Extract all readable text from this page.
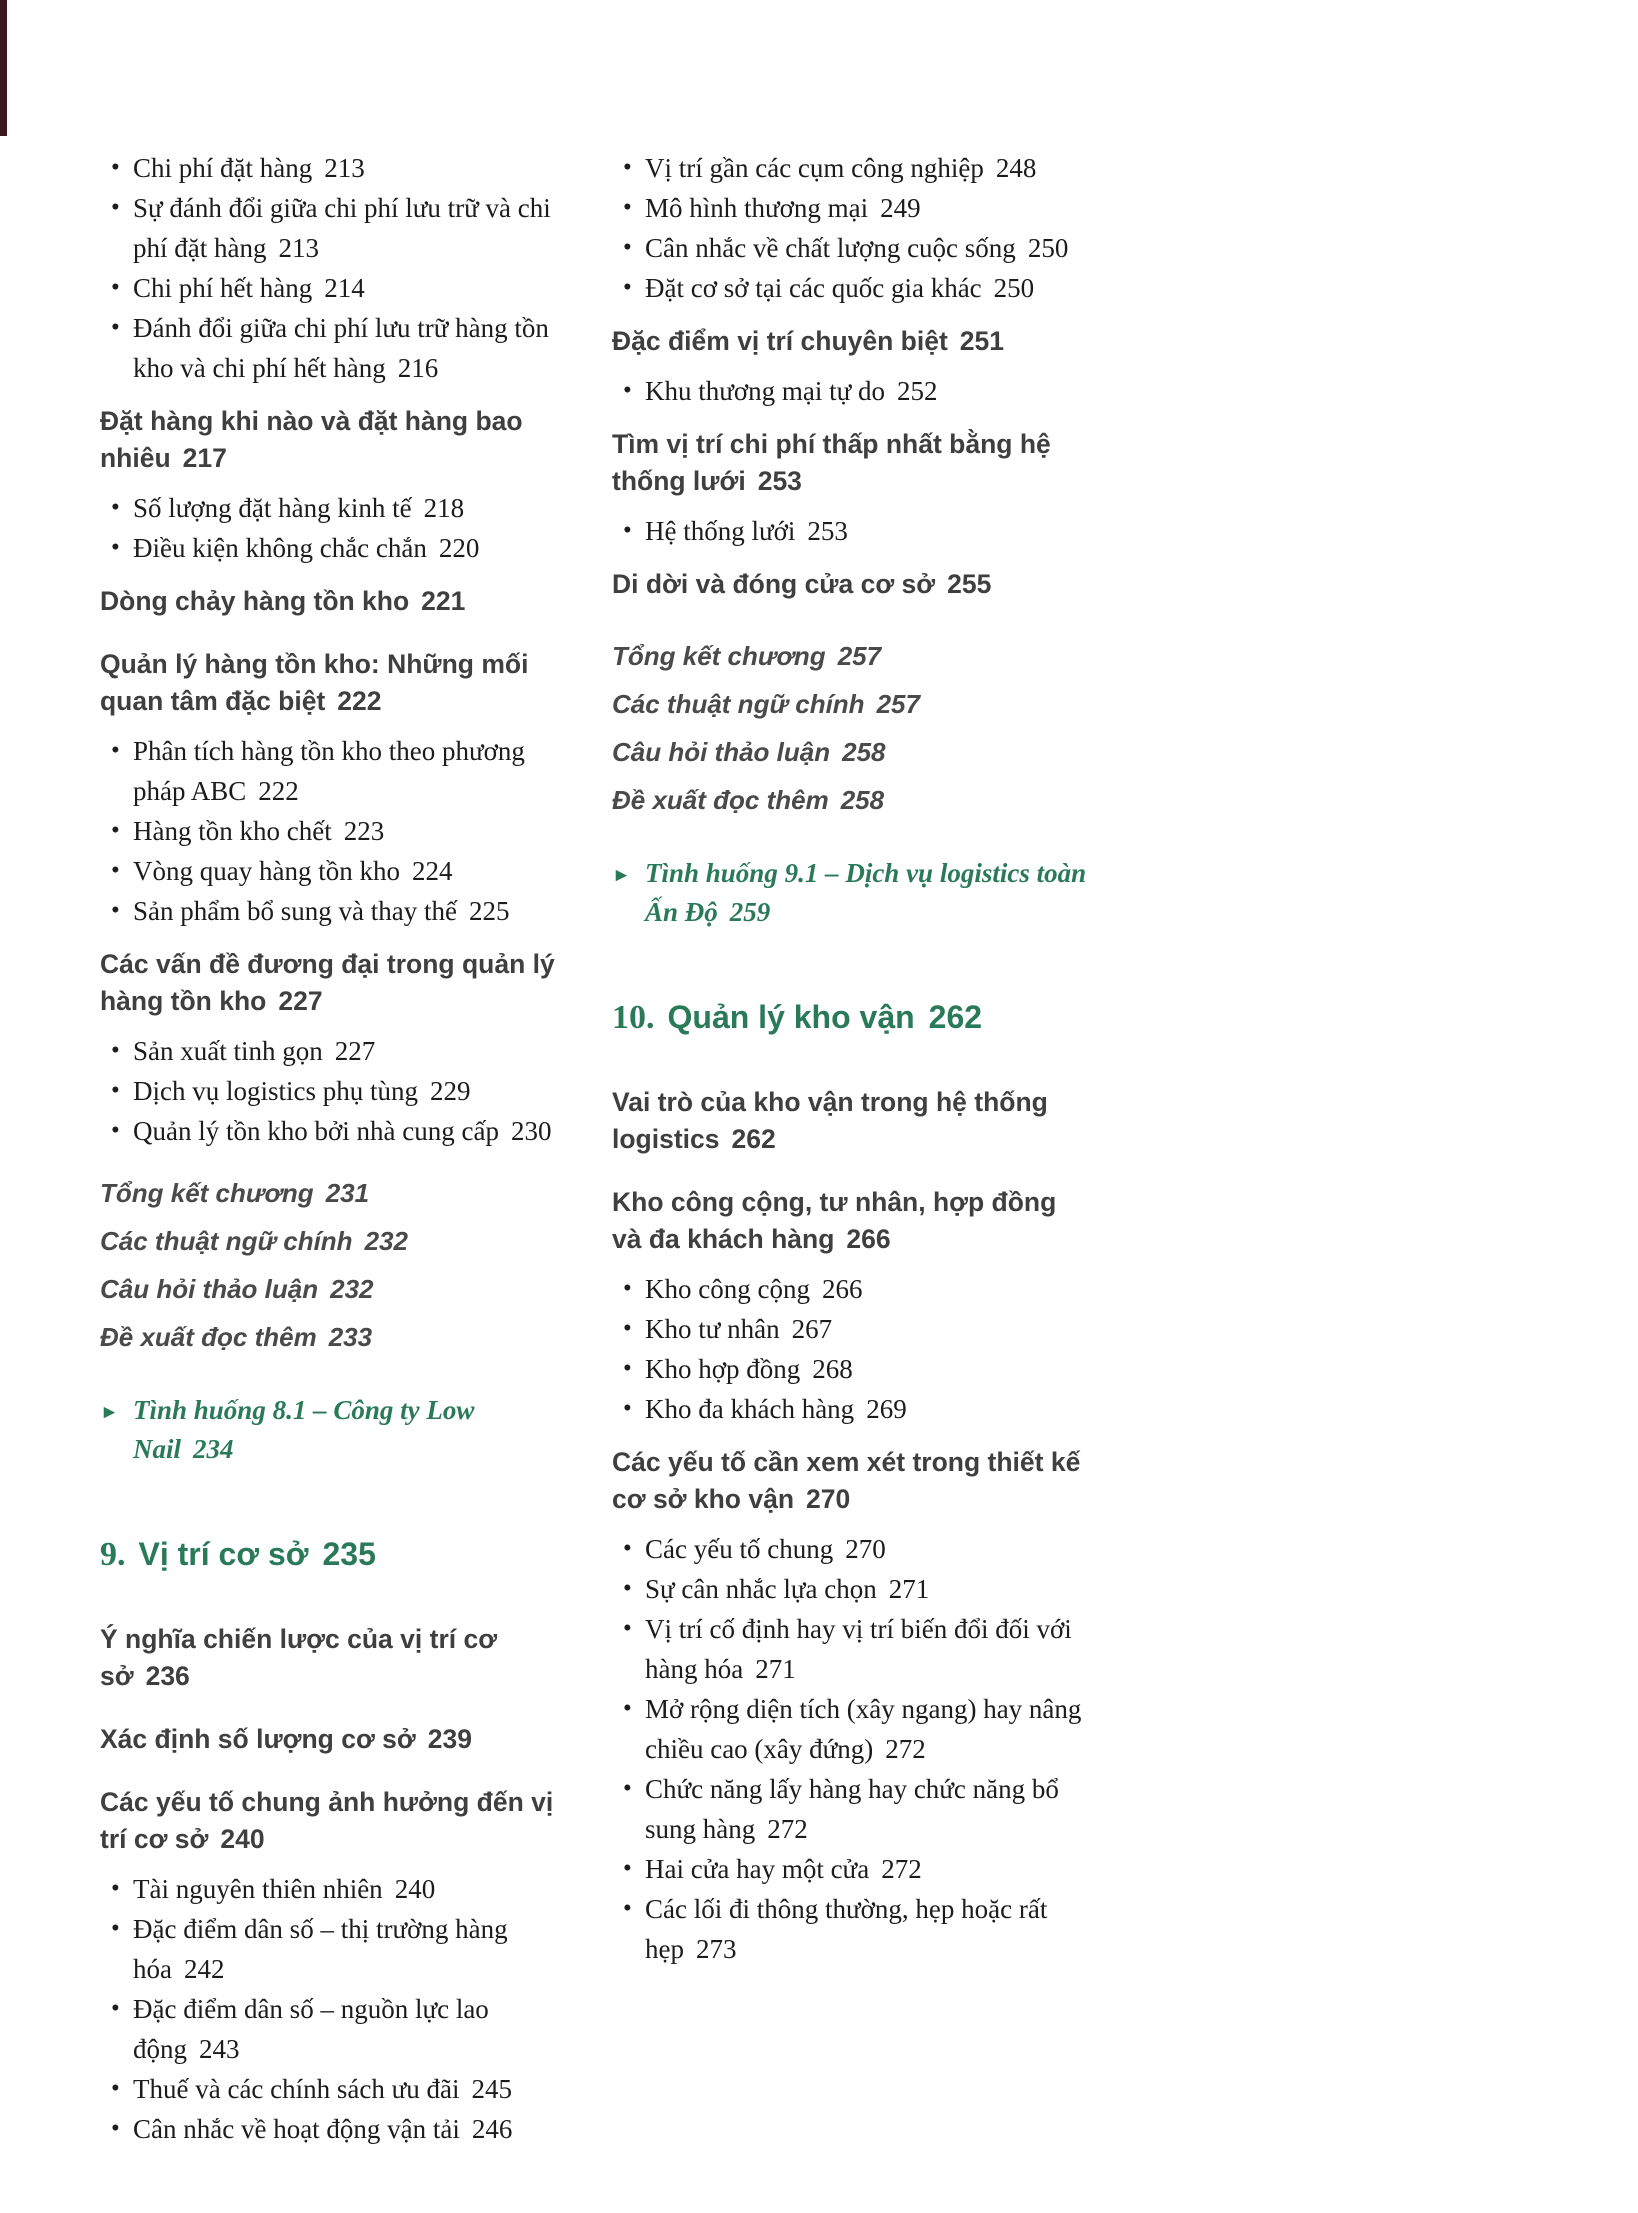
• Chi phí đặt hàng 213
• Sự đánh đổi giữa chi phí lưu trữ và chi phí đặt hàng 213
• Chi phí hết hàng 214
• Đánh đổi giữa chi phí lưu trữ hàng tồn kho và chi phí hết hàng 216
Đặt hàng khi nào và đặt hàng bao nhiêu 217
• Số lượng đặt hàng kinh tế 218
• Điều kiện không chắc chắn 220
Dòng chảy hàng tồn kho 221
Quản lý hàng tồn kho: Những mối quan tâm đặc biệt 222
• Phân tích hàng tồn kho theo phương pháp ABC 222
• Hàng tồn kho chết 223
• Vòng quay hàng tồn kho 224
• Sản phẩm bổ sung và thay thế 225
Các vấn đề đương đại trong quản lý hàng tồn kho 227
• Sản xuất tinh gọn 227
• Dịch vụ logistics phụ tùng 229
• Quản lý tồn kho bởi nhà cung cấp 230
Tổng kết chương 231
Các thuật ngữ chính 232
Câu hỏi thảo luận 232
Đề xuất đọc thêm 233
► Tình huống 8.1 – Công ty Low Nail 234
9. Vị trí cơ sở 235
Ý nghĩa chiến lược của vị trí cơ sở 236
Xác định số lượng cơ sở 239
Các yếu tố chung ảnh hưởng đến vị trí cơ sở 240
• Tài nguyên thiên nhiên 240
• Đặc điểm dân số – thị trường hàng hóa 242
• Đặc điểm dân số – nguồn lực lao động 243
• Thuế và các chính sách ưu đãi 245
• Cân nhắc về hoạt động vận tải 246
• Vị trí gần các cụm công nghiệp 248
• Mô hình thương mại 249
• Cân nhắc về chất lượng cuộc sống 250
• Đặt cơ sở tại các quốc gia khác 250
Đặc điểm vị trí chuyên biệt 251
• Khu thương mại tự do 252
Tìm vị trí chi phí thấp nhất bằng hệ thống lưới 253
• Hệ thống lưới 253
Di dời và đóng cửa cơ sở 255
Tổng kết chương 257
Các thuật ngữ chính 257
Câu hỏi thảo luận 258
Đề xuất đọc thêm 258
► Tình huống 9.1 – Dịch vụ logistics toàn Ấn Độ 259
10. Quản lý kho vận 262
Vai trò của kho vận trong hệ thống logistics 262
Kho công cộng, tư nhân, hợp đồng và đa khách hàng 266
• Kho công cộng 266
• Kho tư nhân 267
• Kho hợp đồng 268
• Kho đa khách hàng 269
Các yếu tố cần xem xét trong thiết kế cơ sở kho vận 270
• Các yếu tố chung 270
• Sự cân nhắc lựa chọn 271
• Vị trí cố định hay vị trí biến đổi đối với hàng hóa 271
• Mở rộng diện tích (xây ngang) hay nâng chiều cao (xây đứng) 272
• Chức năng lấy hàng hay chức năng bổ sung hàng 272
• Hai cửa hay một cửa 272
• Các lối đi thông thường, hẹp hoặc rất hẹp 273
